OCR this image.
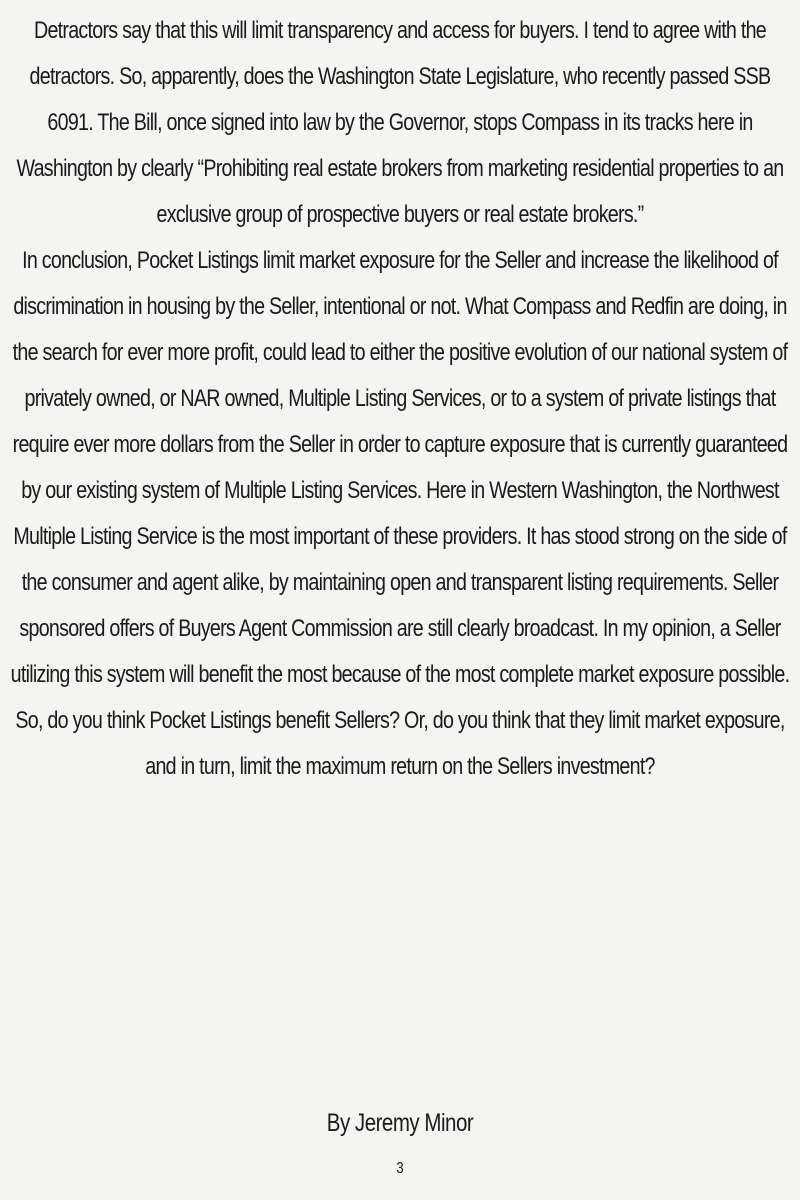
Detractors say that this will limit transparency and access for buyers. I tend to agree with the detractors. So, apparently, does the Washington State Legislature, who recently passed SSB 6091. The Bill, once signed into law by the Governor, stops Compass in its tracks here in Washington by clearly “Prohibiting real estate brokers from marketing residential properties to an exclusive group of prospective buyers or real estate brokers.”

In conclusion, Pocket Listings limit market exposure for the Seller and increase the likelihood of discrimination in housing by the Seller, intentional or not. What Compass and Redfin are doing, in the search for ever more profit, could lead to either the positive evolution of our national system of privately owned, or NAR owned, Multiple Listing Services, or to a system of private listings that require ever more dollars from the Seller in order to capture exposure that is currently guaranteed by our existing system of Multiple Listing Services. Here in Western Washington, the Northwest Multiple Listing Service is the most important of these providers. It has stood strong on the side of the consumer and agent alike, by maintaining open and transparent listing requirements. Seller sponsored offers of Buyers Agent Commission are still clearly broadcast. In my opinion, a Seller utilizing this system will benefit the most because of the most complete market exposure possible. So, do you think Pocket Listings benefit Sellers? Or, do you think that they limit market exposure, and in turn, limit the maximum return on the Sellers investment?

By Jeremy Minor

3
